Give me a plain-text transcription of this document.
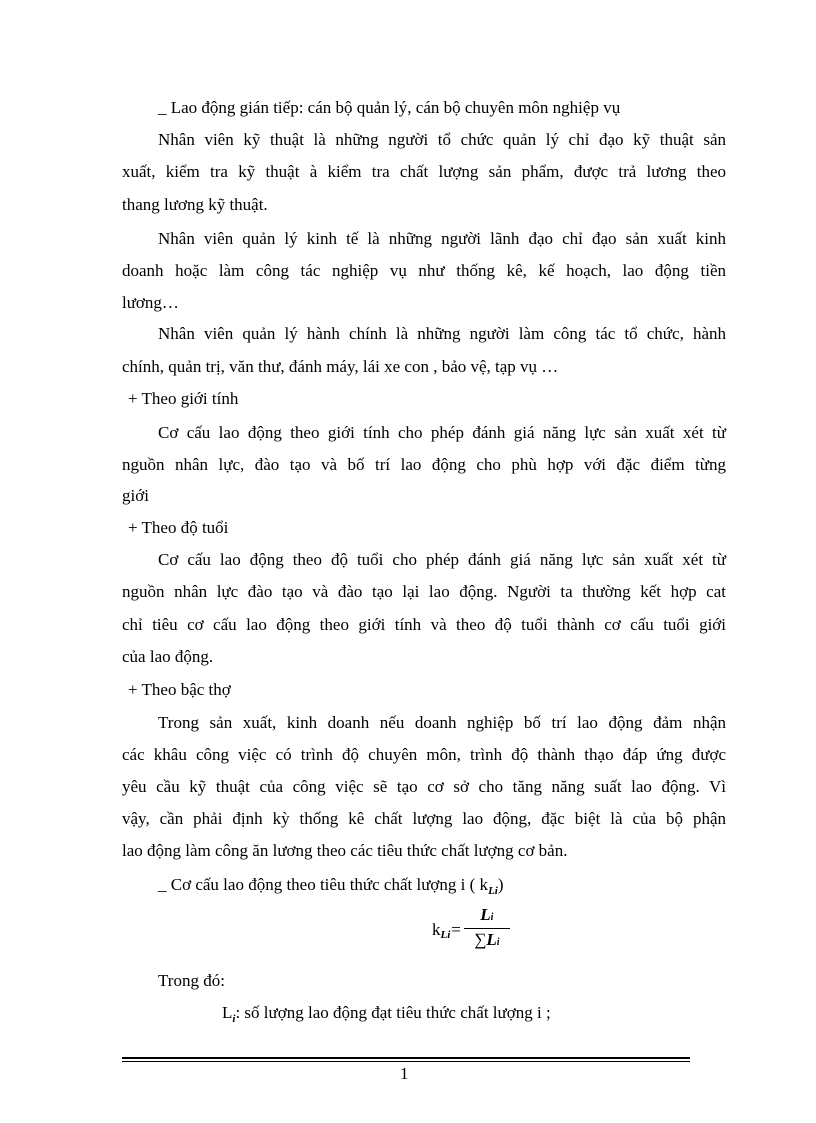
_ Lao động gián tiếp: cán bộ quản lý, cán bộ chuyên môn nghiệp vụ
Nhân viên kỹ thuật là những người tổ chức quản lý chỉ đạo kỹ thuật sản
xuất, kiểm tra kỹ thuật à kiểm tra chất lượng sản phẩm, được trả lương theo
thang lương kỹ thuật.
Nhân viên quản lý kinh tế là những người lãnh đạo chỉ đạo sản xuất kinh
doanh hoặc làm công tác nghiệp vụ như thống kê, kế hoạch, lao động tiền
lương…
Nhân viên quản lý hành chính là những người làm công tác tổ chức, hành
chính, quản trị, văn thư, đánh máy, lái xe con , bảo vệ, tạp vụ …
+ Theo giới tính
Cơ cấu lao động theo giới tính cho phép đánh giá năng lực sản xuất xét từ
nguồn nhân lực, đào tạo và bố trí lao động cho phù hợp với đặc điểm từng
giới
+ Theo độ tuổi
Cơ cấu lao động theo độ tuổi cho phép đánh giá năng lực sản xuất xét từ
nguồn nhân lực đào tạo và đào tạo lại lao động. Người ta thường kết hợp cat
chỉ tiêu cơ cấu lao động theo giới tính và theo độ tuổi thành cơ cấu tuổi giới
của lao động.
+ Theo bậc thợ
Trong sản xuất, kinh doanh nếu doanh nghiệp bố trí lao động đảm nhận
các khâu công việc có trình độ chuyên môn, trình độ thành thạo đáp ứng được
yêu cầu kỹ thuật của công việc sẽ tạo cơ sở cho tăng năng suất lao động. Vì
vậy, cần phải định kỳ thống kê chất lượng lao động, đặc biệt là của bộ phận
lao động làm công ăn lương theo các tiêu thức chất lượng cơ bản.
_ Cơ cấu lao động theo tiêu thức chất lượng i ( $k_{Li}$)
k $Li = \frac{Li}{\sum Li}$
Trong đó:
$L_i$: số lượng lao động đạt tiêu thức chất lượng i ;
1
